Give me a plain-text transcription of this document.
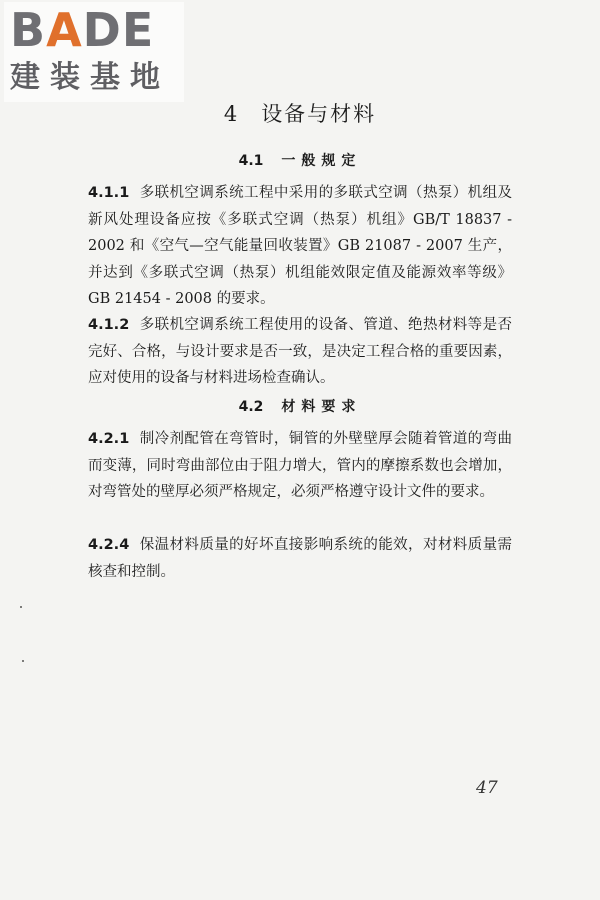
BADE
建装基地
4 设备与材料
4.1 一般规定
4.1.1 多联机空调系统工程中采用的多联式空调（热泵）机组及新风处理设备应按《多联式空调（热泵）机组》GB/T 18837 - 2002 和《空气—空气能量回收装置》GB 21087 - 2007 生产，并达到《多联式空调（热泵）机组能效限定值及能源效率等级》GB 21454 - 2008 的要求。
4.1.2 多联机空调系统工程使用的设备、管道、绝热材料等是否完好、合格，与设计要求是否一致，是决定工程合格的重要因素，应对使用的设备与材料进场检查确认。
4.2 材料要求
4.2.1 制冷剂配管在弯管时，铜管的外壁壁厚会随着管道的弯曲而变薄，同时弯曲部位由于阻力增大，管内的摩擦系数也会增加，对弯管处的壁厚必须严格规定，必须严格遵守设计文件的要求。
4.2.4 保温材料质量的好坏直接影响系统的能效，对材料质量需核查和控制。
47
